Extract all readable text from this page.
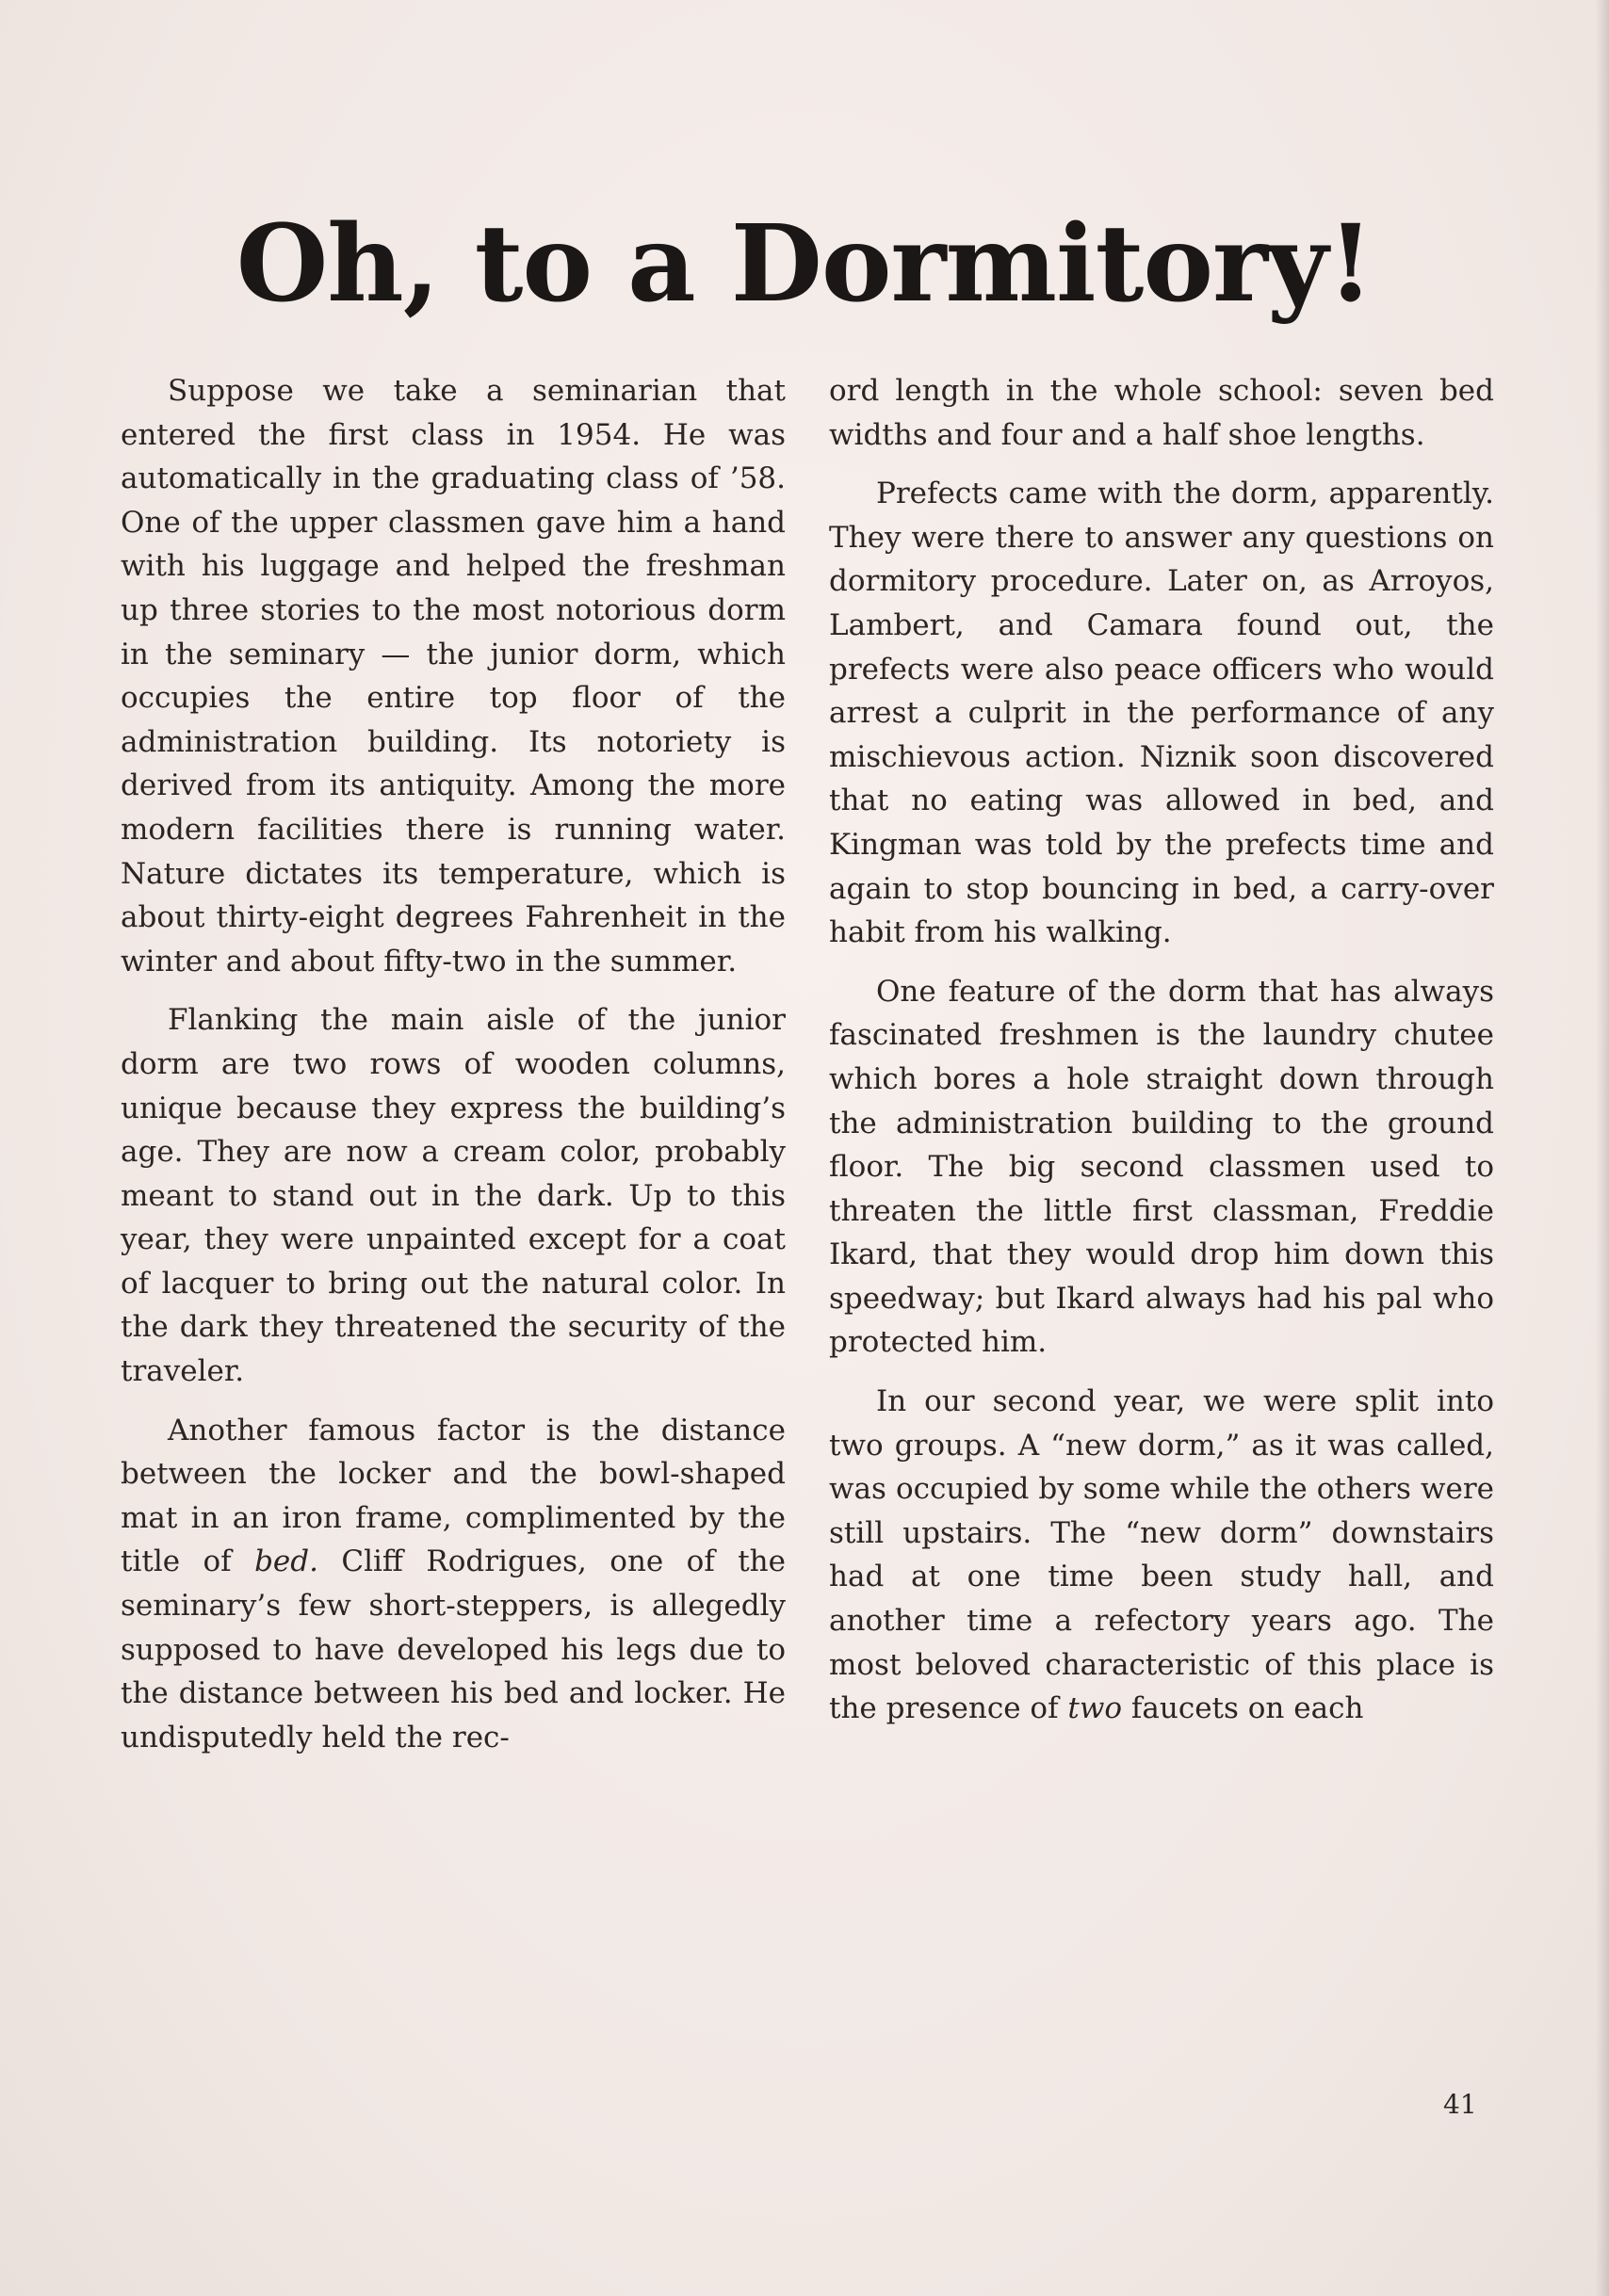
Oh, to a Dormitory!

Suppose we take a seminarian that entered the first class in 1954. He was automatically in the graduating class of ’58. One of the upper classmen gave him a hand with his luggage and helped the freshman up three stories to the most notorious dorm in the seminary — the junior dorm, which occupies the entire top floor of the administration building. Its notoriety is derived from its antiquity. Among the more modern facilities there is running water. Nature dictates its temperature, which is about thirty-eight degrees Fahrenheit in the winter and about fifty-two in the summer.

Flanking the main aisle of the junior dorm are two rows of wooden columns, unique because they express the building’s age. They are now a cream color, probably meant to stand out in the dark. Up to this year, they were unpainted except for a coat of lacquer to bring out the natural color. In the dark they threatened the security of the traveler.

Another famous factor is the distance between the locker and the bowl-shaped mat in an iron frame, complimented by the title of bed. Cliff Rodrigues, one of the seminary’s few short-steppers, is allegedly supposed to have developed his legs due to the distance between his bed and locker. He undisputedly held the rec-

ord length in the whole school: seven bed widths and four and a half shoe lengths.

Prefects came with the dorm, apparently. They were there to answer any questions on dormitory procedure. Later on, as Arroyos, Lambert, and Camara found out, the prefects were also peace officers who would arrest a culprit in the performance of any mischievous action. Niznik soon discovered that no eating was allowed in bed, and Kingman was told by the prefects time and again to stop bouncing in bed, a carry-over habit from his walking.

One feature of the dorm that has always fascinated freshmen is the laundry chutee which bores a hole straight down through the administration building to the ground floor. The big second classmen used to threaten the little first classman, Freddie Ikard, that they would drop him down this speedway; but Ikard always had his pal who protected him.

In our second year, we were split into two groups. A “new dorm,” as it was called, was occupied by some while the others were still upstairs. The “new dorm” downstairs had at one time been study hall, and another time a refectory years ago. The most beloved characteristic of this place is the presence of two faucets on each

41
